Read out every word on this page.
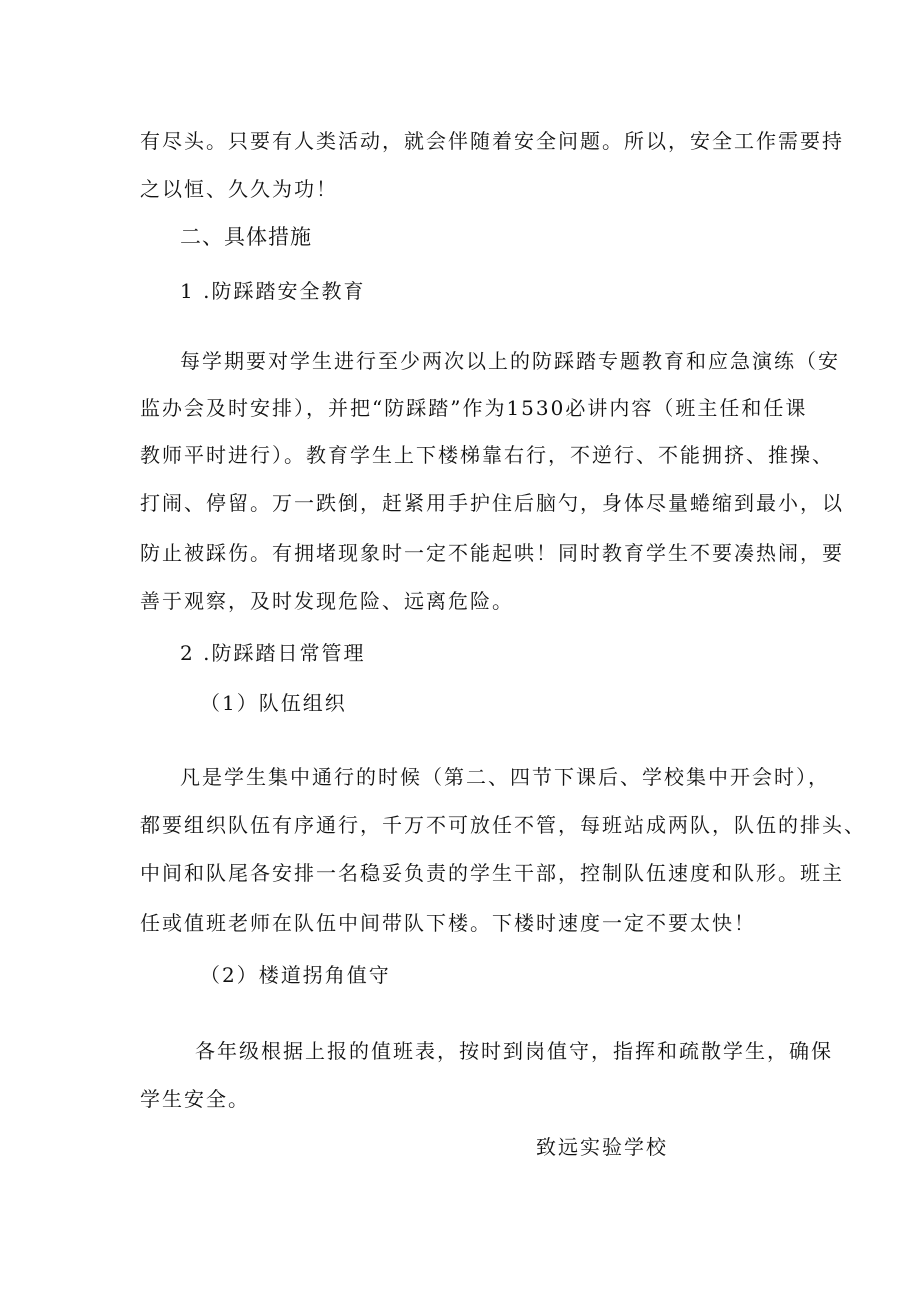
有尽头。只要有人类活动，就会伴随着安全问题。所以，安全工作需要持
之以恒、久久为功！
二、具体措施
1 .防踩踏安全教育
每学期要对学生进行至少两次以上的防踩踏专题教育和应急演练（安
监办会及时安排），并把“防踩踏”作为1530必讲内容（班主任和任课
教师平时进行）。教育学生上下楼梯靠右行，不逆行、不能拥挤、推操、
打闹、停留。万一跌倒，赶紧用手护住后脑勺，身体尽量蜷缩到最小，以
防止被踩伤。有拥堵现象时一定不能起哄！同时教育学生不要凑热闹，要
善于观察，及时发现危险、远离危险。
2 .防踩踏日常管理
（1）队伍组织
凡是学生集中通行的时候（第二、四节下课后、学校集中开会时），
都要组织队伍有序通行，千万不可放任不管，每班站成两队，队伍的排头、
中间和队尾各安排一名稳妥负责的学生干部，控制队伍速度和队形。班主
任或值班老师在队伍中间带队下楼。下楼时速度一定不要太快！
（2）楼道拐角值守
各年级根据上报的值班表，按时到岗值守，指挥和疏散学生，确保
学生安全。
致远实验学校
